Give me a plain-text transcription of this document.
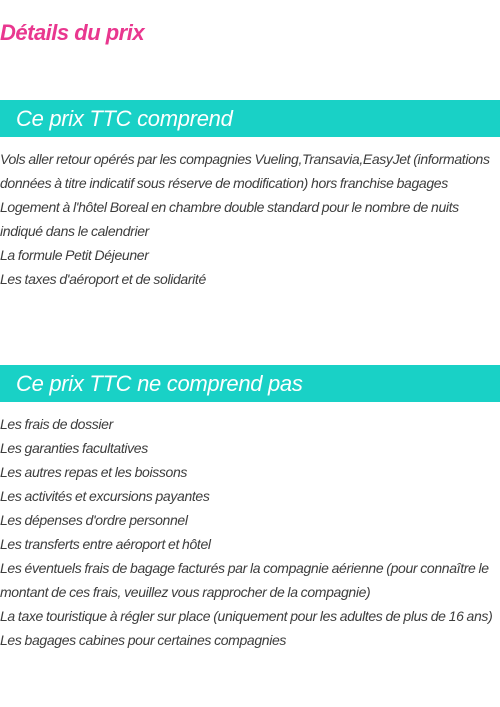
Détails du prix
Ce prix TTC comprend
Vols aller retour opérés par les compagnies Vueling,Transavia,EasyJet (informations données à titre indicatif sous réserve de modification) hors franchise bagages
Logement à l'hôtel Boreal en chambre double standard pour le nombre de nuits indiqué dans le calendrier
La formule Petit Déjeuner
Les taxes d'aéroport et de solidarité
Ce prix TTC ne comprend pas
Les frais de dossier
Les garanties facultatives
Les autres repas et les boissons
Les activités et excursions payantes
Les dépenses d'ordre personnel
Les transferts entre aéroport et hôtel
Les éventuels frais de bagage facturés par la compagnie aérienne (pour connaître le montant de ces frais, veuillez vous rapprocher de la compagnie)
La taxe touristique à régler sur place (uniquement pour les adultes de plus de 16 ans)
Les bagages cabines pour certaines compagnies
